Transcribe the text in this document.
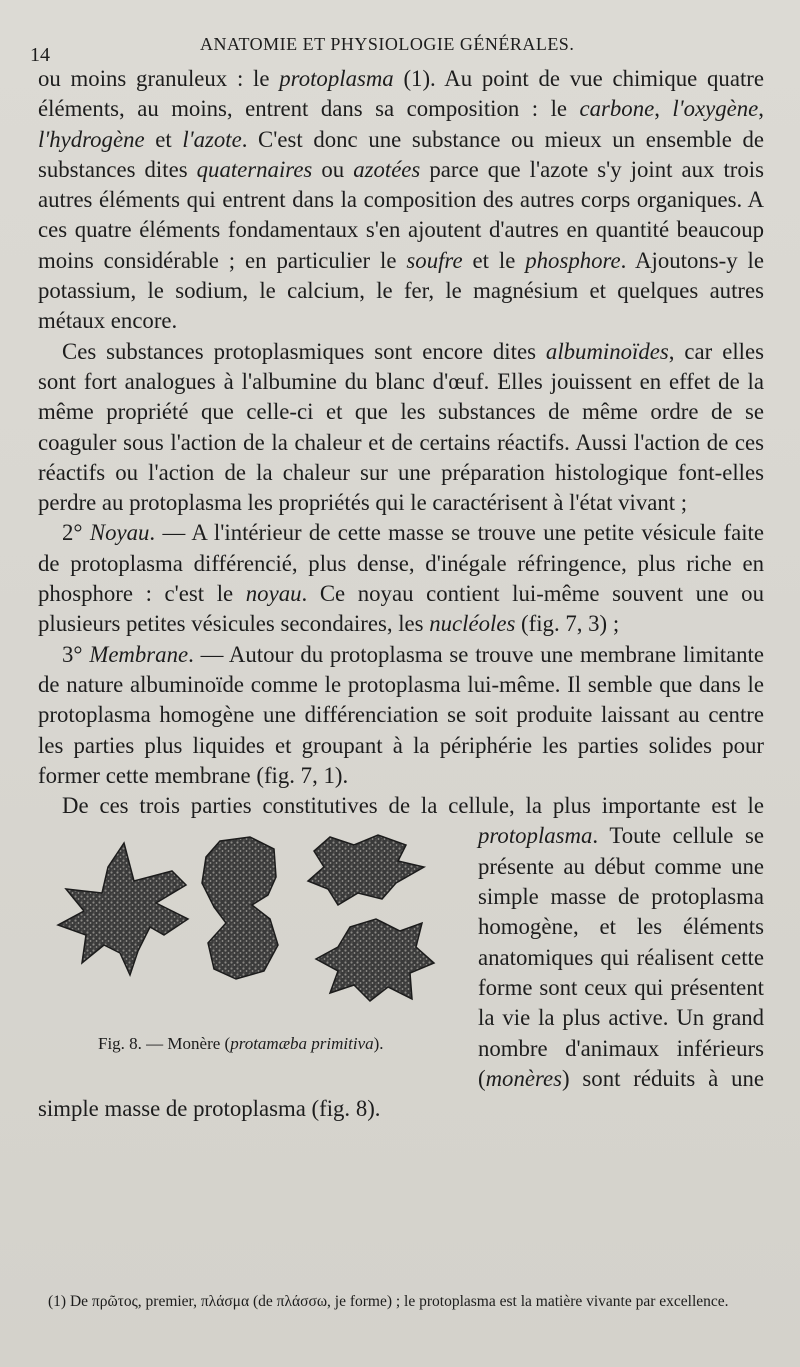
14	ANATOMIE ET PHYSIOLOGIE GÉNÉRALES.

ou moins granuleux : le protoplasma (1). Au point de vue chimique quatre éléments, au moins, entrent dans sa composition : le carbone, l'oxygène, l'hydrogène et l'azote. C'est donc une substance ou mieux un ensemble de substances dites quaternaires ou azotées parce que l'azote s'y joint aux trois autres éléments qui entrent dans la composition des autres corps organiques. A ces quatre éléments fondamentaux s'en ajoutent d'autres en quantité beaucoup moins considérable ; en particulier le soufre et le phosphore. Ajoutons-y le potassium, le sodium, le calcium, le fer, le magnésium et quelques autres métaux encore.

Ces substances protoplasmiques sont encore dites albuminoïdes, car elles sont fort analogues à l'albumine du blanc d'œuf. Elles jouissent en effet de la même propriété que celle-ci et que les substances de même ordre de se coaguler sous l'action de la chaleur et de certains réactifs. Aussi l'action de ces réactifs ou l'action de la chaleur sur une préparation histologique font-elles perdre au protoplasma les propriétés qui le caractérisent à l'état vivant ;

2° Noyau. — A l'intérieur de cette masse se trouve une petite vésicule faite de protoplasma différencié, plus dense, d'inégale réfringence, plus riche en phosphore : c'est le noyau. Ce noyau contient lui-même souvent une ou plusieurs petites vésicules secondaires, les nucléoles (fig. 7, 3) ;

3° Membrane. — Autour du protoplasma se trouve une membrane limitante de nature albuminoïde comme le protoplasma lui-même. Il semble que dans le protoplasma homogène une différenciation se soit produite laissant au centre les parties plus liquides et groupant à la périphérie les parties solides pour former cette membrane (fig. 7, 1).

De ces trois parties constitutives de la cellule, la plus importante est le
Fig. 8. — Monère (protamæba primitiva).
protoplasma. Toute cellule se présente au début comme une simple masse de protoplasma homogène, et les éléments anatomiques qui réalisent cette forme sont ceux qui présentent la vie la plus active. Un grand nombre d'animaux inférieurs (monères) sont réduits à une simple masse de protoplasma (fig. 8).

(1) De πρῶτος, premier, πλάσμα (de πλάσσω, je forme) ; le protoplasma est la matière vivante par excellence.
